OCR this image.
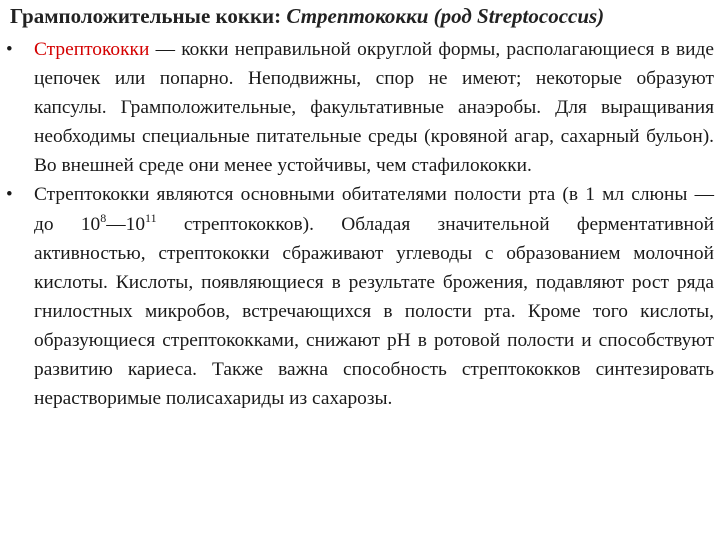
Грамположительные кокки: Стрептококки (род Streptococcus)
• Стрептококки — кокки неправильной округлой формы, располагающиеся в виде цепочек или попарно. Неподвижны, спор не имеют; некоторые образуют капсулы. Грамположительные, факультативные анаэробы. Для выращивания необходимы специальные питательные среды (кровяной агар, сахарный бульон). Во внешней среде они менее устойчивы, чем стафилококки.
• Стрептококки являются основными обитателями полости рта (в 1 мл слюны — до $10^8—10^{11}$ стрептококков). Обладая значительной ферментативной активностью, стрептококки сбраживают углеводы с образованием молочной кислоты. Кислоты, появляющиеся в результате брожения, подавляют рост ряда гнилостных микробов, встречающихся в полости рта. Кроме того кислоты, образующиеся стрептококками, снижают рН в ротовой полости и способствуют развитию кариеса. Также важна способность стрептококков синтезировать нерастворимые полисахариды из сахарозы.
